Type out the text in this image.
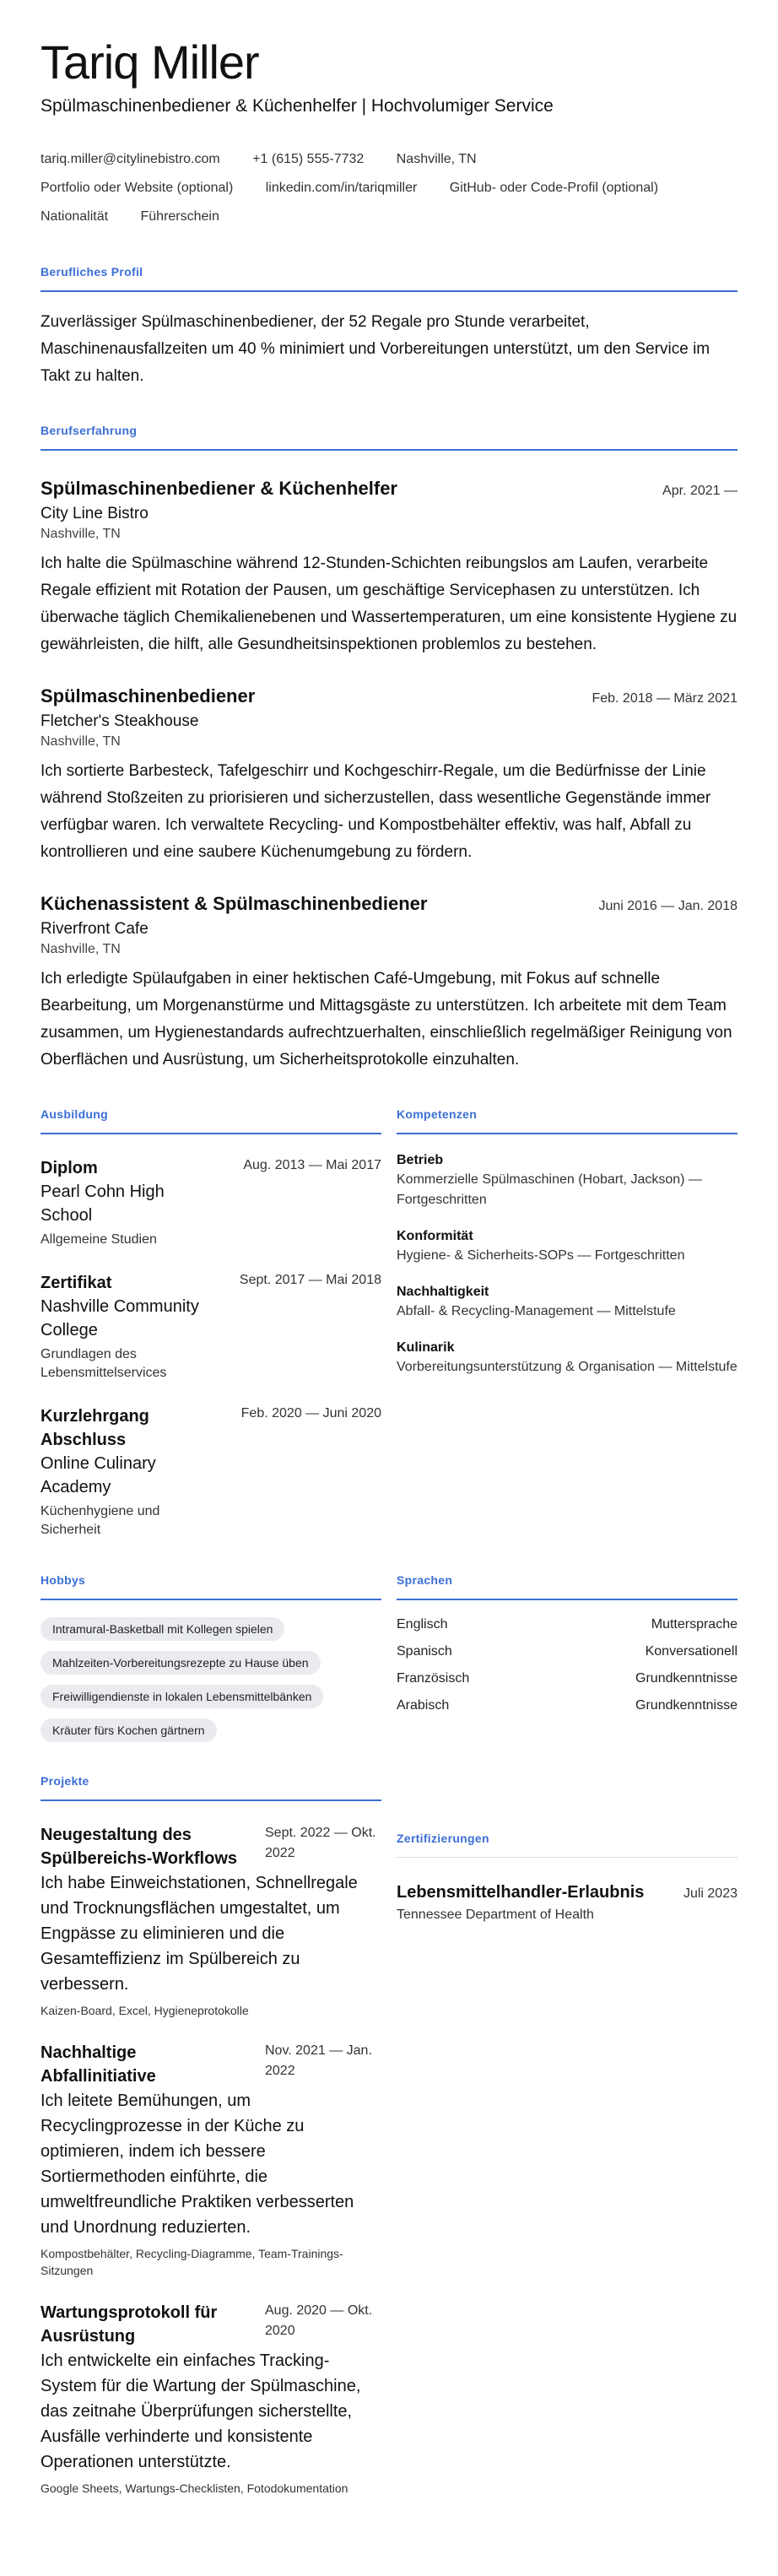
Tariq Miller
Spülmaschinenbediener & Küchenhelfer | Hochvolumiger Service
tariq.miller@citylinebistro.com +1 (615) 555-7732 Nashville, TN
Portfolio oder Website (optional) linkedin.com/in/tariqmiller GitHub- oder Code-Profil (optional)
Nationalität Führerschein
Berufliches Profil

Zuverlässiger Spülmaschinenbediener, der 52 Regale pro Stunde verarbeitet, Maschinenausfallzeiten um 40 % minimiert und Vorbereitungen unterstützt, um den Service im Takt zu halten.

Berufserfahrung
Spülmaschinenbediener & Küchenhelfer	Apr. 2021 —
City Line Bistro
Nashville, TN

Ich halte die Spülmaschine während 12-Stunden-Schichten reibungslos am Laufen, verarbeite Regale effizient mit Rotation der Pausen, um geschäftige Servicephasen zu unterstützen. Ich überwache täglich Chemikalienebenen und Wassertemperaturen, um eine konsistente Hygiene zu gewährleisten, die hilft, alle Gesundheitsinspektionen problemlos zu bestehen.

Spülmaschinenbediener	Feb. 2018 — März 2021
Fletcher's Steakhouse
Nashville, TN

Ich sortierte Barbesteck, Tafelgeschirr und Kochgeschirr-Regale, um die Bedürfnisse der Linie während Stoßzeiten zu priorisieren und sicherzustellen, dass wesentliche Gegenstände immer verfügbar waren. Ich verwaltete Recycling- und Kompostbehälter effektiv, was half, Abfall zu kontrollieren und eine saubere Küchenumgebung zu fördern.

Küchenassistent & Spülmaschinenbediener	Juni 2016 — Jan. 2018
Riverfront Cafe
Nashville, TN

Ich erledigte Spülaufgaben in einer hektischen Café-Umgebung, mit Fokus auf schnelle Bearbeitung, um Morgenanstürme und Mittagsgäste zu unterstützen. Ich arbeitete mit dem Team zusammen, um Hygienestandards aufrechtzuerhalten, einschließlich regelmäßiger Reinigung von Oberflächen und Ausrüstung, um Sicherheitsprotokolle einzuhalten.

Ausbildung
Diplom
Pearl Cohn High School
Allgemeine Studien
Aug. 2013 — Mai 2017
Zertifikat
Nashville Community College
Grundlagen des Lebensmittelservices
Sept. 2017 — Mai 2018
Kurzlehrgang Abschluss
Online Culinary Academy
Küchenhygiene und Sicherheit
Feb. 2020 — Juni 2020
Kompetenzen
Betrieb
Kommerzielle Spülmaschinen (Hobart, Jackson) — Fortgeschritten
Konformität
Hygiene- & Sicherheits-SOPs — Fortgeschritten
Nachhaltigkeit
Abfall- & Recycling-Management — Mittelstufe
Kulinarik
Vorbereitungsunterstützung & Organisation — Mittelstufe
Hobbys
Intramural-Basketball mit Kollegen spielen
Mahlzeiten-Vorbereitungsrezepte zu Hause üben
Freiwilligendienste in lokalen Lebensmittelbänken
Kräuter fürs Kochen gärtnern
Sprachen
Englisch	Muttersprache
Spanisch	Konversationell
Französisch	Grundkenntnisse
Arabisch	Grundkenntnisse
Projekte
Neugestaltung des Spülbereichs-Workflows
Sept. 2022 — Okt. 2022

Ich habe Einweichstationen, Schnellregale und Trocknungsflächen umgestaltet, um Engpässe zu eliminieren und die Gesamteffizienz im Spülbereich zu verbessern.

Kaizen-Board, Excel, Hygieneprotokolle
Nachhaltige Abfallinitiative
Nov. 2021 — Jan. 2022

Ich leitete Bemühungen, um Recyclingprozesse in der Küche zu optimieren, indem ich bessere Sortiermethoden einführte, die umweltfreundliche Praktiken verbesserten und Unordnung reduzierten.

Kompostbehälter, Recycling-Diagramme, Team-Trainings-Sitzungen
Wartungsprotokoll für Ausrüstung
Aug. 2020 — Okt. 2020

Ich entwickelte ein einfaches Tracking-System für die Wartung der Spülmaschine, das zeitnahe Überprüfungen sicherstellte, Ausfälle verhinderte und konsistente Operationen unterstützte.

Google Sheets, Wartungs-Checklisten, Fotodokumentation
Zertifizierungen
Lebensmittelhandler-Erlaubnis	Juli 2023
Tennessee Department of Health
